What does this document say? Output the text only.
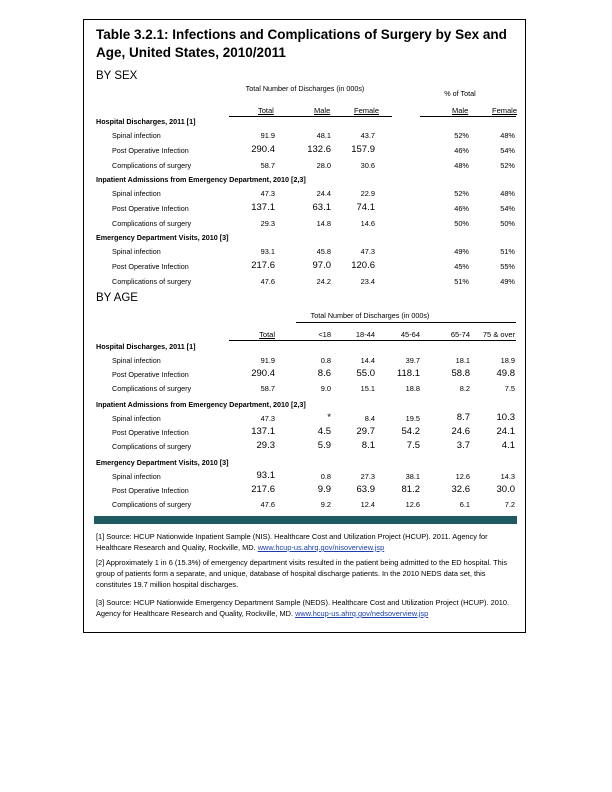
Table 3.2.1: Infections and Complications of Surgery by Sex and Age, United States, 2010/2011
BY SEX
Total Number of Discharges (in 000s)
% of Total
Total	Male	Female	Male	Female
Hospital Discharges, 2011 [1]
Spinal infection	91.9	48.1	43.7	52%	48%
Post Operative Infection	290.4	132.6	157.9	46%	54%
Complications of surgery	58.7	28.0	30.6	48%	52%
Inpatient Admissions from Emergency Department, 2010 [2,3]
Spinal infection	47.3	24.4	22.9	52%	48%
Post Operative Infection	137.1	63.1	74.1	46%	54%
Complications of surgery	29.3	14.8	14.6	50%	50%
Emergency Department Visits, 2010 [3]
Spinal infection	93.1	45.8	47.3	49%	51%
Post Operative Infection	217.6	97.0	120.6	45%	55%
Complications of surgery	47.6	24.2	23.4	51%	49%
BY AGE
Total Number of Discharges (in 000s)
Total	<18	18-44	45-64	65-74	75 & over
Hospital Discharges, 2011 [1]
Spinal infection	91.9	0.8	14.4	39.7	18.1	18.9
Post Operative Infection	290.4	8.6	55.0	118.1	58.8	49.8
Complications of surgery	58.7	9.0	15.1	18.8	8.2	7.5
Inpatient Admissions from Emergency Department, 2010 [2,3]
Spinal infection	47.3	*	8.4	19.5	8.7	10.3
Post Operative Infection	137.1	4.5	29.7	54.2	24.6	24.1
Complications of surgery	29.3	5.9	8.1	7.5	3.7	4.1
Emergency Department Visits, 2010 [3]
Spinal infection	93.1	0.8	27.3	38.1	12.6	14.3
Post Operative Infection	217.6	9.9	63.9	81.2	32.6	30.0
Complications of surgery	47.6	9.2	12.4	12.6	6.1	7.2
[1] Source: HCUP Nationwide Inpatient Sample (NIS). Healthcare Cost and Utilization Project (HCUP). 2011. Agency for Healthcare Research and Quality, Rockville, MD. www.hcup-us.ahrq.gov/nisoverview.jsp
[2] Approximately 1 in 6 (15.3%) of emergency department visits resulted in the patient being admitted to the ED hospital. This group of patients form a separate, and unique, database of hospital discharge patients. In the 2010 NEDS data set, this constitutes 19.7 million hospital discharges.
[3] Source: HCUP Nationwide Emergency Department Sample (NEDS). Healthcare Cost and Utilization Project (HCUP). 2010. Agency for Healthcare Research and Quality, Rockville, MD. www.hcup-us.ahrq.gov/nedsoverview.jsp
